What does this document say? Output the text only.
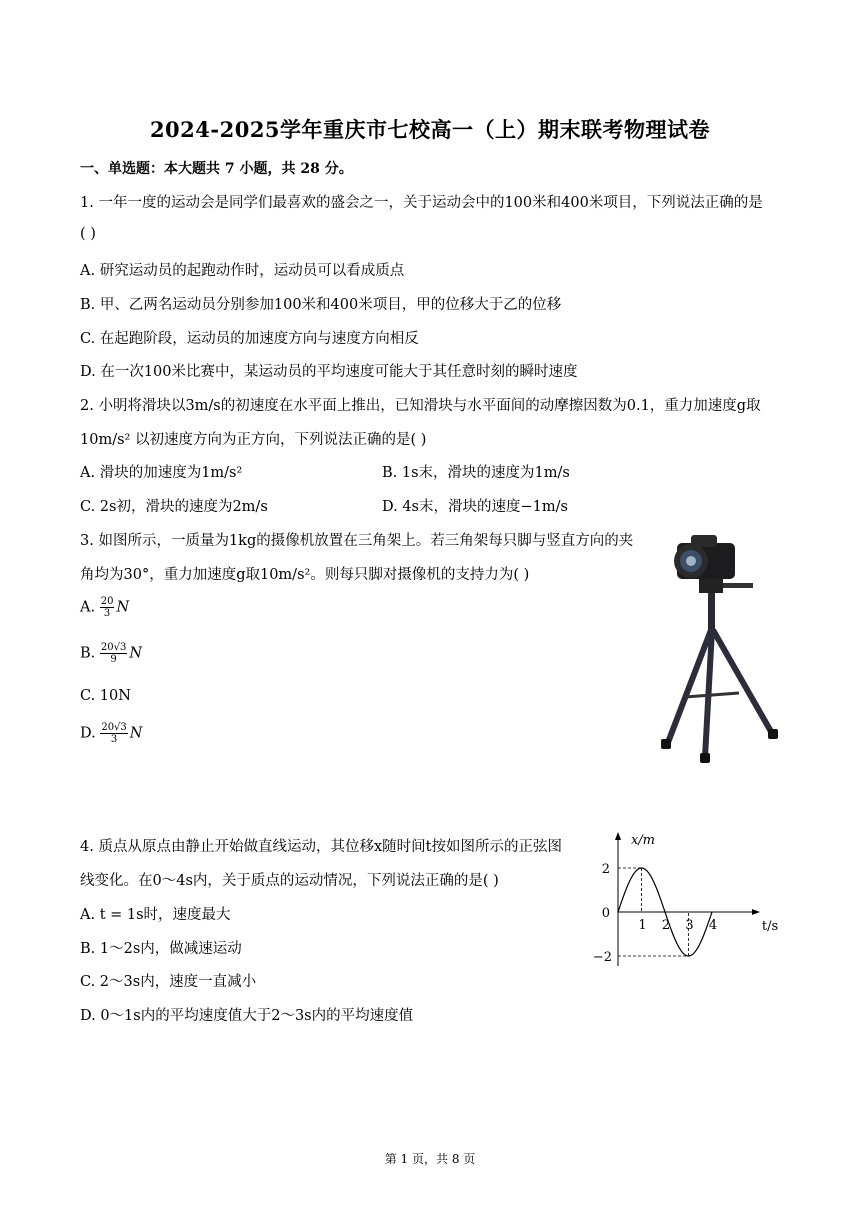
2024-2025学年重庆市七校高一（上）期末联考物理试卷
一、单选题：本大题共 7 小题，共 28 分。
1. 一年一度的运动会是同学们最喜欢的盛会之一，关于运动会中的100米和400米项目，下列说法正确的是
( )
A. 研究运动员的起跑动作时，运动员可以看成质点
B. 甲、乙两名运动员分别参加100米和400米项目，甲的位移大于乙的位移
C. 在起跑阶段，运动员的加速度方向与速度方向相反
D. 在一次100米比赛中，某运动员的平均速度可能大于其任意时刻的瞬时速度
2. 小明将滑块以3m/s的初速度在水平面上推出，已知滑块与水平面间的动摩擦因数为0.1，重力加速度g取
10m/s² 以初速度方向为正方向，下列说法正确的是( )
A. 滑块的加速度为1m/s²	B. 1s末，滑块的速度为1m/s
C. 2s初，滑块的速度为2m/s	D. 4s末，滑块的速度−1m/s
3. 如图所示，一质量为1kg的摄像机放置在三角架上。若三角架每只脚与竖直方向的夹
角均为30°，重力加速度g取10m/s²。则每只脚对摄像机的支持力为( )
A. $\frac{20}{3}$ N
B. $\frac{20√3}{9}$ N
C. 10N
D. $\frac{20√3}{3}$ N
4. 质点从原点由静止开始做直线运动，其位移x随时间t按如图所示的正弦图
线变化。在0～4s内，关于质点的运动情况，下列说法正确的是( )
A. t = 1s时，速度最大
B. 1～2s内，做减速运动
C. 2～3s内，速度一直减小
D. 0～1s内的平均速度值大于2～3s内的平均速度值
x/m
t/s
0
2
−2
1 2 3 4
第 1 页，共 8 页
